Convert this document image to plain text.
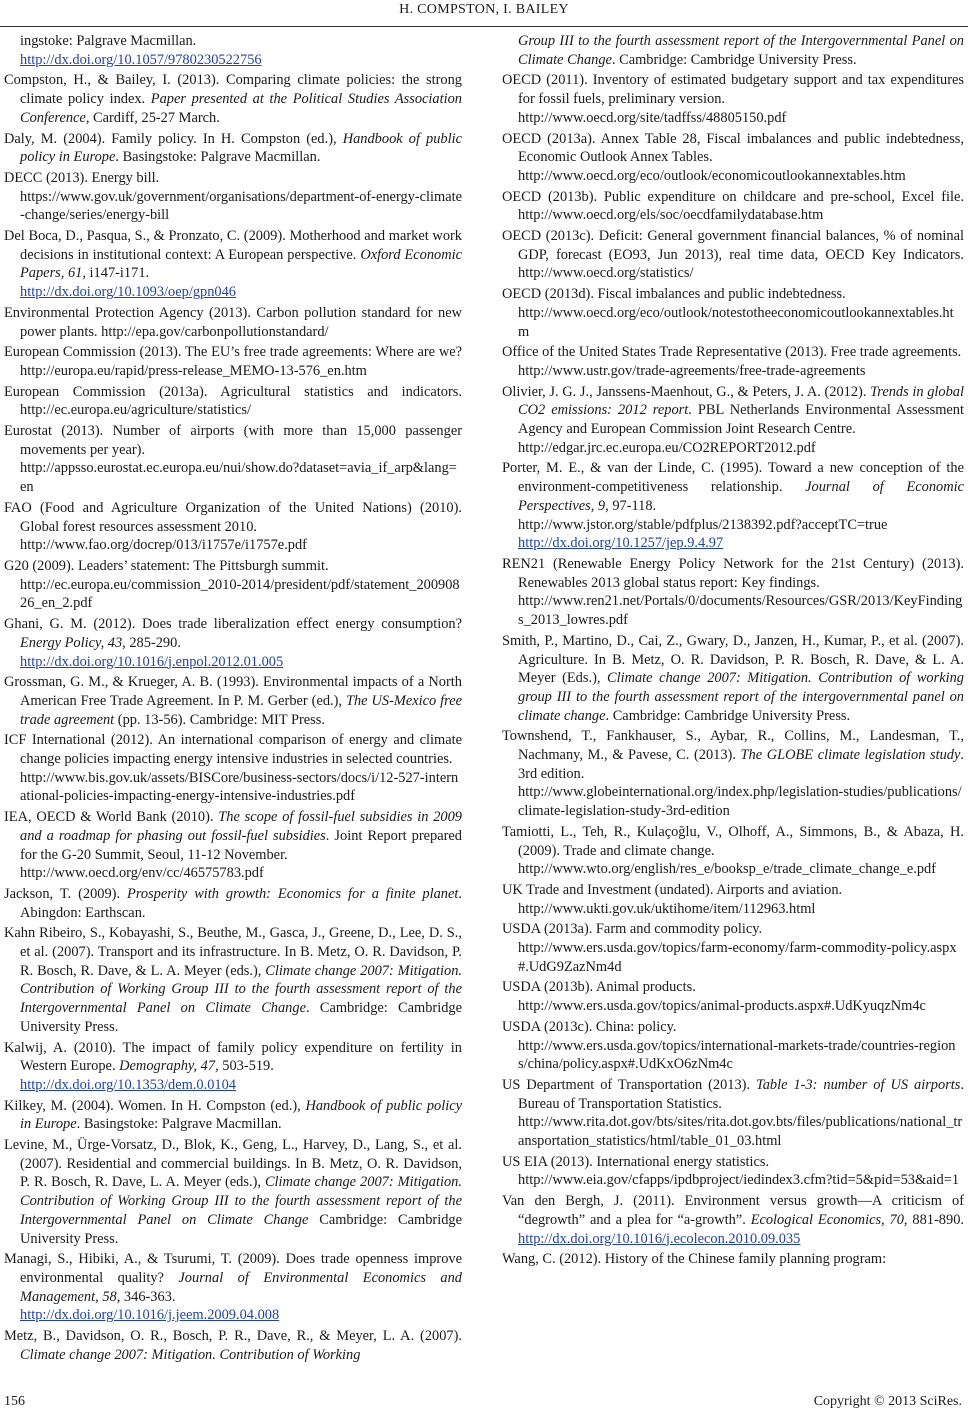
H. COMPSTON, I. BAILEY
ingstoke: Palgrave Macmillan.
http://dx.doi.org/10.1057/9780230522756
Compston, H., & Bailey, I. (2013). Comparing climate policies: the strong climate policy index. Paper presented at the Political Studies Association Conference, Cardiff, 25-27 March.
Daly, M. (2004). Family policy. In H. Compston (ed.), Handbook of public policy in Europe. Basingstoke: Palgrave Macmillan.
DECC (2013). Energy bill.
https://www.gov.uk/government/organisations/department-of-energy-climate-change/series/energy-bill
Del Boca, D., Pasqua, S., & Pronzato, C. (2009). Motherhood and market work decisions in institutional context: A European perspective. Oxford Economic Papers, 61, i147-i171.
http://dx.doi.org/10.1093/oep/gpn046
Environmental Protection Agency (2013). Carbon pollution standard for new power plants. http://epa.gov/carbonpollutionstandard/
European Commission (2013). The EU’s free trade agreements: Where are we? http://europa.eu/rapid/press-release_MEMO-13-576_en.htm
European Commission (2013a). Agricultural statistics and indicators. http://ec.europa.eu/agriculture/statistics/
Eurostat (2013). Number of airports (with more than 15,000 passenger movements per year).
http://appsso.eurostat.ec.europa.eu/nui/show.do?dataset=avia_if_arp&lang=en
FAO (Food and Agriculture Organization of the United Nations) (2010). Global forest resources assessment 2010.
http://www.fao.org/docrep/013/i1757e/i1757e.pdf
G20 (2009). Leaders’ statement: The Pittsburgh summit.
http://ec.europa.eu/commission_2010-2014/president/pdf/statement_20090826_en_2.pdf
Ghani, G. M. (2012). Does trade liberalization effect energy consumption? Energy Policy, 43, 285-290.
http://dx.doi.org/10.1016/j.enpol.2012.01.005
Grossman, G. M., & Krueger, A. B. (1993). Environmental impacts of a North American Free Trade Agreement. In P. M. Gerber (ed.), The US-Mexico free trade agreement (pp. 13-56). Cambridge: MIT Press.
ICF International (2012). An international comparison of energy and climate change policies impacting energy intensive industries in selected countries.
http://www.bis.gov.uk/assets/BISCore/business-sectors/docs/i/12-527-international-policies-impacting-energy-intensive-industries.pdf
IEA, OECD & World Bank (2010). The scope of fossil-fuel subsidies in 2009 and a roadmap for phasing out fossil-fuel subsidies. Joint Report prepared for the G-20 Summit, Seoul, 11-12 November.
http://www.oecd.org/env/cc/46575783.pdf
Jackson, T. (2009). Prosperity with growth: Economics for a finite planet. Abingdon: Earthscan.
Kahn Ribeiro, S., Kobayashi, S., Beuthe, M., Gasca, J., Greene, D., Lee, D. S., et al. (2007). Transport and its infrastructure. In B. Metz, O. R. Davidson, P. R. Bosch, R. Dave, & L. A. Meyer (eds.), Climate change 2007: Mitigation. Contribution of Working Group III to the fourth assessment report of the Intergovernmental Panel on Climate Change. Cambridge: Cambridge University Press.
Kalwij, A. (2010). The impact of family policy expenditure on fertility in Western Europe. Demography, 47, 503-519.
http://dx.doi.org/10.1353/dem.0.0104
Kilkey, M. (2004). Women. In H. Compston (ed.), Handbook of public policy in Europe. Basingstoke: Palgrave Macmillan.
Levine, M., Ürge-Vorsatz, D., Blok, K., Geng, L., Harvey, D., Lang, S., et al. (2007). Residential and commercial buildings. In B. Metz, O. R. Davidson, P. R. Bosch, R. Dave, L. A. Meyer (eds.), Climate change 2007: Mitigation. Contribution of Working Group III to the fourth assessment report of the Intergovernmental Panel on Climate Change Cambridge: Cambridge University Press.
Managi, S., Hibiki, A., & Tsurumi, T. (2009). Does trade openness improve environmental quality? Journal of Environmental Economics and Management, 58, 346-363.
http://dx.doi.org/10.1016/j.jeem.2009.04.008
Metz, B., Davidson, O. R., Bosch, P. R., Dave, R., & Meyer, L. A. (2007). Climate change 2007: Mitigation. Contribution of Working
Group III to the fourth assessment report of the Intergovernmental Panel on Climate Change. Cambridge: Cambridge University Press.
OECD (2011). Inventory of estimated budgetary support and tax expenditures for fossil fuels, preliminary version.
http://www.oecd.org/site/tadffss/48805150.pdf
OECD (2013a). Annex Table 28, Fiscal imbalances and public indebtedness, Economic Outlook Annex Tables.
http://www.oecd.org/eco/outlook/economicoutlookannextables.htm
OECD (2013b). Public expenditure on childcare and pre-school, Excel file. http://www.oecd.org/els/soc/oecdfamilydatabase.htm
OECD (2013c). Deficit: General government financial balances, % of nominal GDP, forecast (EO93, Jun 2013), real time data, OECD Key Indicators. http://www.oecd.org/statistics/
OECD (2013d). Fiscal imbalances and public indebtedness.
http://www.oecd.org/eco/outlook/notestotheeconomicoutlookannextables.htm
Office of the United States Trade Representative (2013). Free trade agreements.
http://www.ustr.gov/trade-agreements/free-trade-agreements
Olivier, J. G. J., Janssens-Maenhout, G., & Peters, J. A. (2012). Trends in global CO2 emissions: 2012 report. PBL Netherlands Environmental Assessment Agency and European Commission Joint Research Centre.
http://edgar.jrc.ec.europa.eu/CO2REPORT2012.pdf
Porter, M. E., & van der Linde, C. (1995). Toward a new conception of the environment-competitiveness relationship. Journal of Economic Perspectives, 9, 97-118.
http://www.jstor.org/stable/pdfplus/2138392.pdf?acceptTC=true
http://dx.doi.org/10.1257/jep.9.4.97
REN21 (Renewable Energy Policy Network for the 21st Century) (2013). Renewables 2013 global status report: Key findings.
http://www.ren21.net/Portals/0/documents/Resources/GSR/2013/KeyFindings_2013_lowres.pdf
Smith, P., Martino, D., Cai, Z., Gwary, D., Janzen, H., Kumar, P., et al. (2007). Agriculture. In B. Metz, O. R. Davidson, P. R. Bosch, R. Dave, & L. A. Meyer (Eds.), Climate change 2007: Mitigation. Contribution of working group III to the fourth assessment report of the intergovernmental panel on climate change. Cambridge: Cambridge University Press.
Townshend, T., Fankhauser, S., Aybar, R., Collins, M., Landesman, T., Nachmany, M., & Pavese, C. (2013). The GLOBE climate legislation study. 3rd edition.
http://www.globeinternational.org/index.php/legislation-studies/publications/climate-legislation-study-3rd-edition
Tamiotti, L., Teh, R., Kulaçoğlu, V., Olhoff, A., Simmons, B., & Abaza, H. (2009). Trade and climate change.
http://www.wto.org/english/res_e/booksp_e/trade_climate_change_e.pdf
UK Trade and Investment (undated). Airports and aviation.
http://www.ukti.gov.uk/uktihome/item/112963.html
USDA (2013a). Farm and commodity policy.
http://www.ers.usda.gov/topics/farm-economy/farm-commodity-policy.aspx#.UdG9ZazNm4d
USDA (2013b). Animal products.
http://www.ers.usda.gov/topics/animal-products.aspx#.UdKyuqzNm4c
USDA (2013c). China: policy.
http://www.ers.usda.gov/topics/international-markets-trade/countries-regions/china/policy.aspx#.UdKxO6zNm4c
US Department of Transportation (2013). Table 1-3: number of US airports. Bureau of Transportation Statistics.
http://www.rita.dot.gov/bts/sites/rita.dot.gov.bts/files/publications/national_transportation_statistics/html/table_01_03.html
US EIA (2013). International energy statistics.
http://www.eia.gov/cfapps/ipdbproject/iedindex3.cfm?tid=5&pid=53&aid=1
Van den Bergh, J. (2011). Environment versus growth—A criticism of “degrowth” and a plea for “a-growth”. Ecological Economics, 70, 881-890. http://dx.doi.org/10.1016/j.ecolecon.2010.09.035
Wang, C. (2012). History of the Chinese family planning program:
156	Copyright © 2013 SciRes.
